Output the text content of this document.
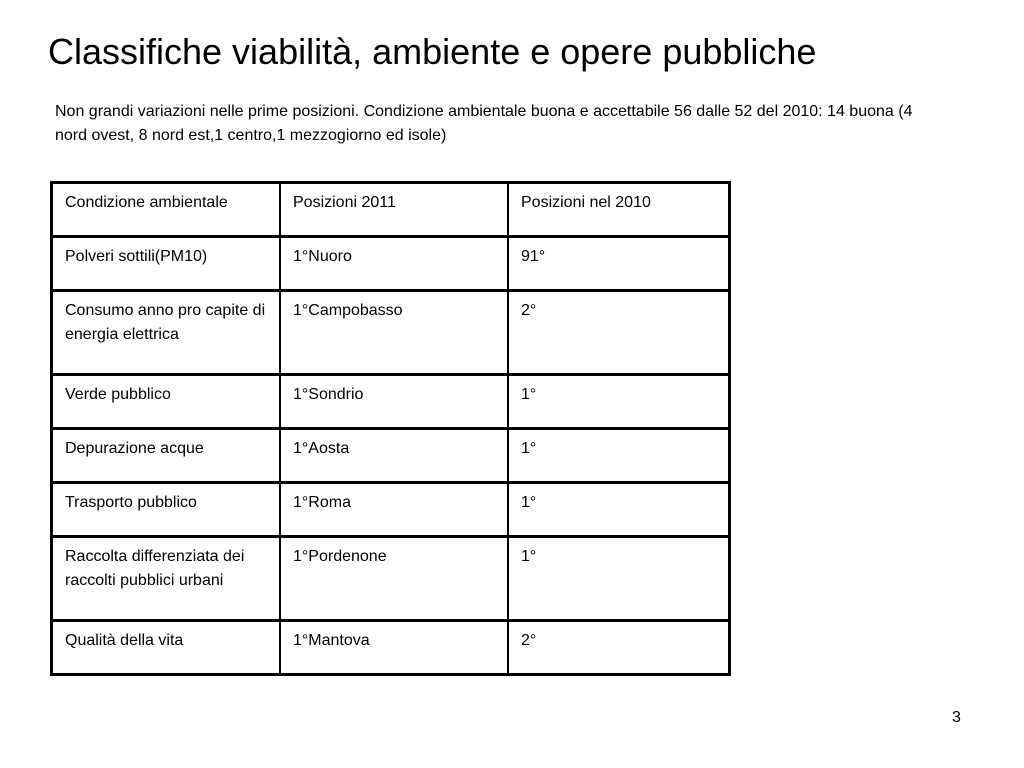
Classifiche viabilità, ambiente e opere pubbliche

Non grandi variazioni nelle prime posizioni. Condizione ambientale buona e accettabile 56 dalle 52 del 2010: 14 buona (4 nord ovest, 8 nord est,1 centro,1 mezzogiorno ed isole)

Condizione ambientale	Posizioni 2011	Posizioni nel 2010
Polveri sottili(PM10)	1°Nuoro	91°
Consumo anno pro capite di energia elettrica	1°Campobasso	2°
Verde pubblico	1°Sondrio	1°
Depurazione acque	1°Aosta	1°
Trasporto pubblico	1°Roma	1°
Raccolta differenziata dei raccolti pubblici urbani	1°Pordenone	1°
Qualità della vita	1°Mantova	2°
3
